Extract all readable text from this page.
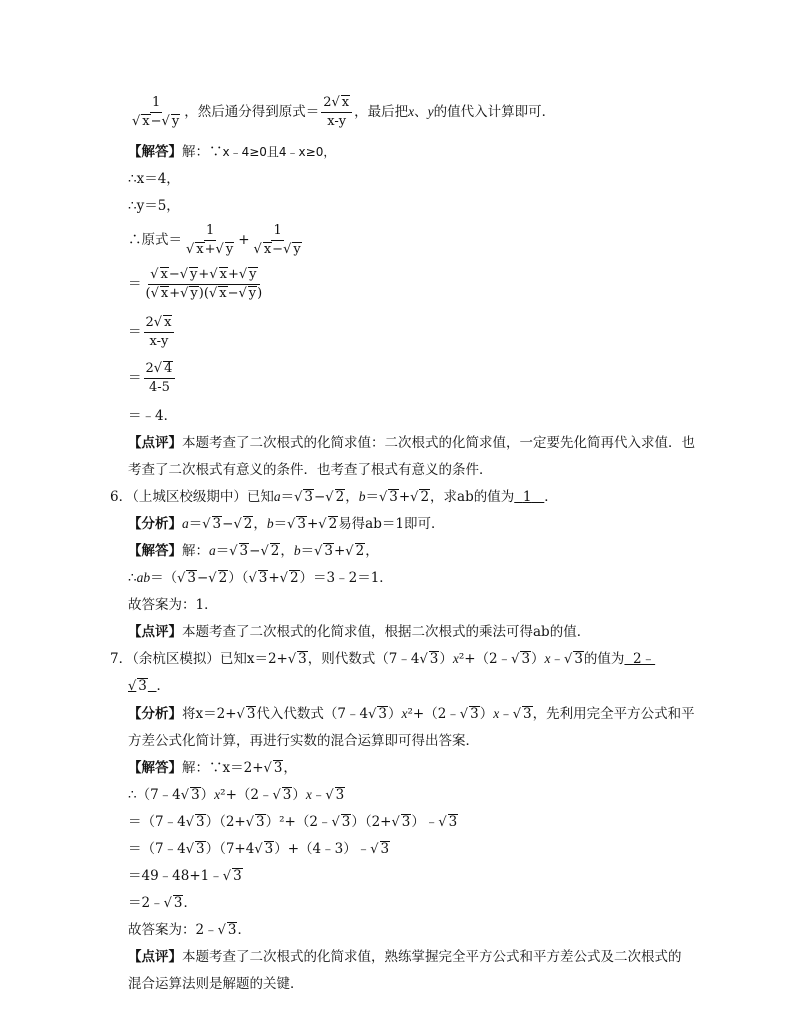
$\frac{1}{√ x-√ y}$ ，然后通分得到原式＝ $\frac{2√ x}{x-y}$ ，最后把x、y的值代入计算即可．
【解答】解：∵x﹣4≥0且4﹣x≥0，
∴x＝4，
∴y＝5，
∴原式＝ $\frac{1}{√ x+√ y} + \frac{1}{√ x-√ y}$
＝ $\frac{√ x-√ y+√ x+√ y}{(√ x+√ y)(√ x-√ y)}$
＝ $\frac{2√ x}{x-y}$
＝ $\frac{2√ 4}{4-5}$
＝﹣4．
【点评】本题考查了二次根式的化简求值：二次根式的化简求值，一定要先化简再代入求值．也
考查了二次根式有意义的条件．也考查了根式有意义的条件．
6．（上城区校级期中）已知a＝√ 3−√ 2，b＝√ 3+√ 2，求ab的值为 1 ．
【分析】a＝√ 3−√ 2，b＝√ 3+√ 2易得ab＝1即可．
【解答】解：a＝√ 3−√ 2，b＝√ 3+√ 2，
∴ab＝（√ 3−√ 2）（√ 3+√ 2）＝3﹣2＝1．
故答案为：1．
【点评】本题考查了二次根式的化简求值，根据二次根式的乘法可得ab的值．
7．（余杭区模拟）已知x＝2+√ 3，则代数式（7﹣4√ 3）x²+（2﹣√ 3）x﹣√ 3的值为 2﹣
√ 3 ．
【分析】将x＝2+√ 3代入代数式（7﹣4√ 3）x²+（2﹣√ 3）x﹣√ 3，先利用完全平方公式和平
方差公式化简计算，再进行实数的混合运算即可得出答案．
【解答】解：∵x＝2+√ 3，
∴（7﹣4√ 3）x²+（2﹣√ 3）x﹣√ 3
＝（7﹣4√ 3）（2+√ 3）²+（2﹣√ 3）（2+√ 3）﹣√ 3
＝（7﹣4√ 3）（7+4√ 3）+（4﹣3）﹣√ 3
＝49﹣48+1﹣√ 3
＝2﹣√ 3．
故答案为：2﹣√ 3．
【点评】本题考查了二次根式的化简求值，熟练掌握完全平方公式和平方差公式及二次根式的
混合运算法则是解题的关键．
